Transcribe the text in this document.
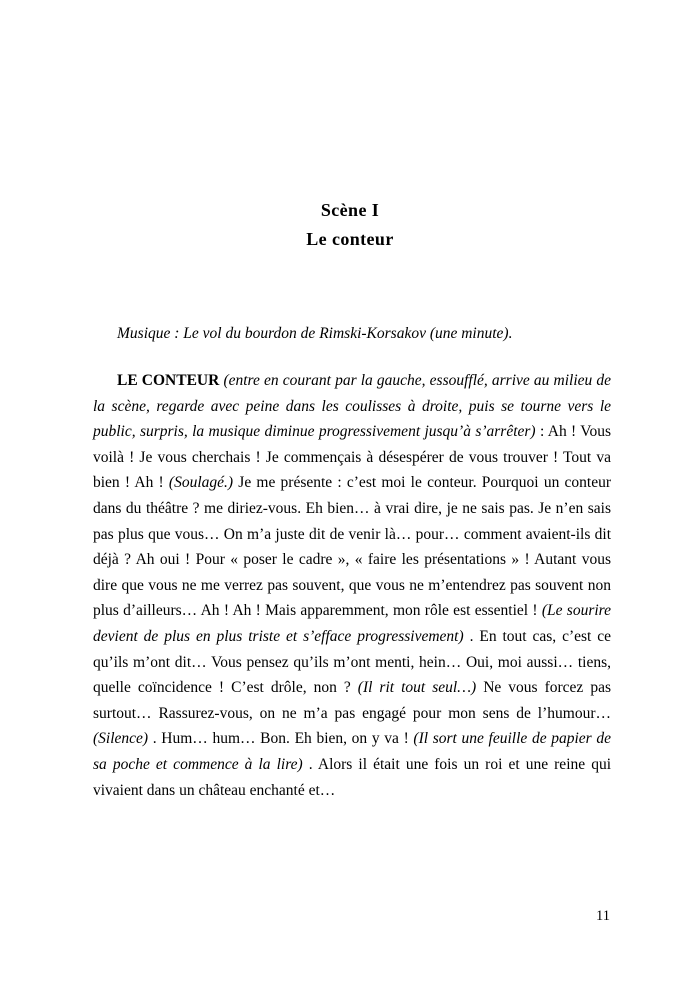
Scène I
Le conteur

Musique : Le vol du bourdon de Rimski-Korsakov (une minute).

LE CONTEUR (entre en courant par la gauche, essoufflé, arrive au milieu de la scène, regarde avec peine dans les coulisses à droite, puis se tourne vers le public, surpris, la musique diminue progressivement jusqu’à s’arrêter) : Ah ! Vous voilà ! Je vous cherchais ! Je commençais à désespérer de vous trouver ! Tout va bien ! Ah ! (Soulagé.) Je me présente : c’est moi le conteur. Pourquoi un conteur dans du théâtre ? me diriez-vous. Eh bien… à vrai dire, je ne sais pas. Je n’en sais pas plus que vous… On m’a juste dit de venir là… pour… comment avaient-ils dit déjà ? Ah oui ! Pour « poser le cadre », « faire les présentations » ! Autant vous dire que vous ne me verrez pas souvent, que vous ne m’entendrez pas souvent non plus d’ailleurs… Ah ! Ah ! Mais apparemment, mon rôle est essentiel ! (Le sourire devient de plus en plus triste et s’efface progressivement) . En tout cas, c’est ce qu’ils m’ont dit… Vous pensez qu’ils m’ont menti, hein… Oui, moi aussi… tiens, quelle coïncidence ! C’est drôle, non ? (Il rit tout seul…) Ne vous forcez pas surtout… Rassurez-vous, on ne m’a pas engagé pour mon sens de l’humour… (Silence) . Hum… hum… Bon. Eh bien, on y va ! (Il sort une feuille de papier de sa poche et commence à la lire) . Alors il était une fois un roi et une reine qui vivaient dans un château enchanté et…

11
